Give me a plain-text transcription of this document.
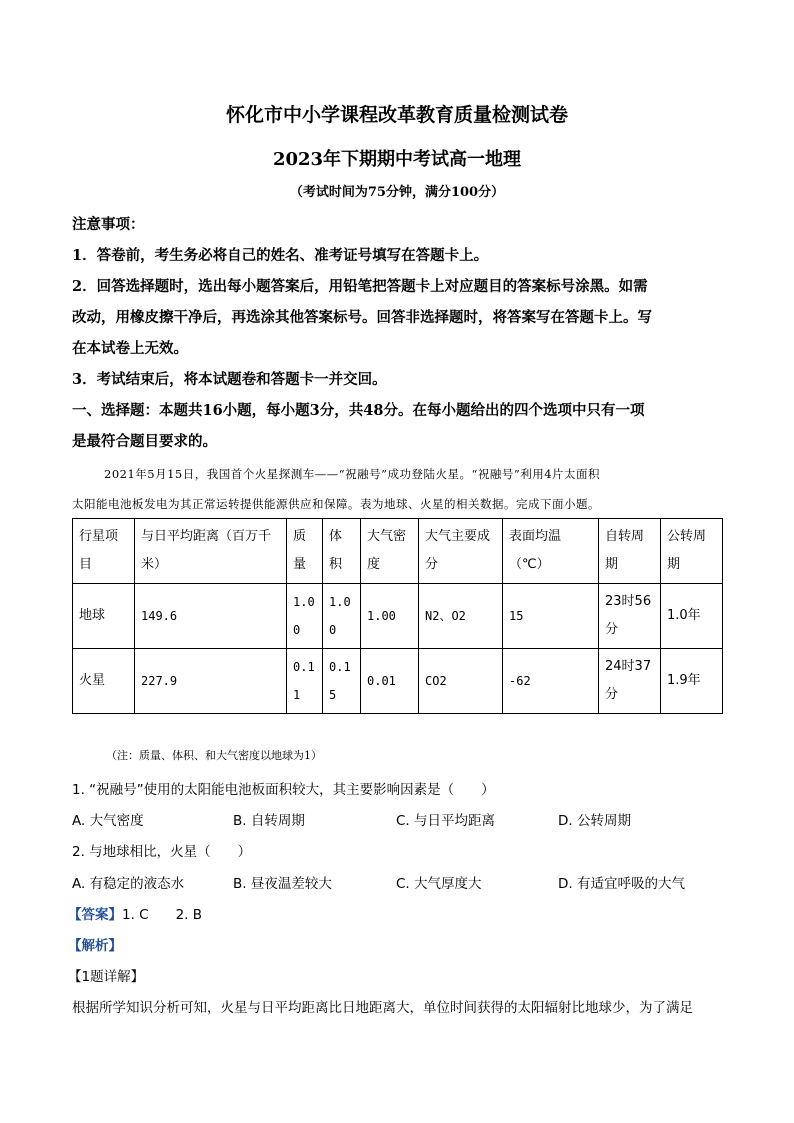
怀化市中小学课程改革教育质量检测试卷
2023年下期期中考试高一地理
（考试时间为75分钟，满分100分）
注意事项：
1．答卷前，考生务必将自己的姓名、准考证号填写在答题卡上。
2．回答选择题时，选出每小题答案后，用铅笔把答题卡上对应题目的答案标号涂黑。如需
改动，用橡皮擦干净后，再选涂其他答案标号。回答非选择题时，将答案写在答题卡上。写
在本试卷上无效。
3．考试结束后，将本试题卷和答题卡一并交回。
一、选择题：本题共16小题，每小题3分，共48分。在每小题给出的四个选项中只有一项
是最符合题目要求的。
2021年5月15日，我国首个火星探测车——“祝融号”成功登陆火星。“祝融号”利用4片太面积
太阳能电池板发电为其正常运转提供能源供应和保障。表为地球、火星的相关数据。完成下面小题。
行星项目	与日平均距离（百万千米）	质量	体积	大气密度	大气主要成分	表面均温（℃）	自转周期	公转周期
地球	149.6	1.00	1.00	1.00	N2、O2	15	23时56分	1.0年
火星	227.9	0.11	0.15	0.01	CO2	-62	24时37分	1.9年
（注：质量、体积、和大气密度以地球为1）
1. “祝融号”使用的太阳能电池板面积较大，其主要影响因素是（　　）
A. 大气密度	B. 自转周期	C. 与日平均距离	D. 公转周期
2. 与地球相比，火星（　　）
A. 有稳定的液态水	B. 昼夜温差较大	C. 大气厚度大	D. 有适宜呼吸的大气
【答案】1. C　　2. B
【解析】
【1题详解】
根据所学知识分析可知，火星与日平均距离比日地距离大，单位时间获得的太阳辐射比地球少，为了满足
